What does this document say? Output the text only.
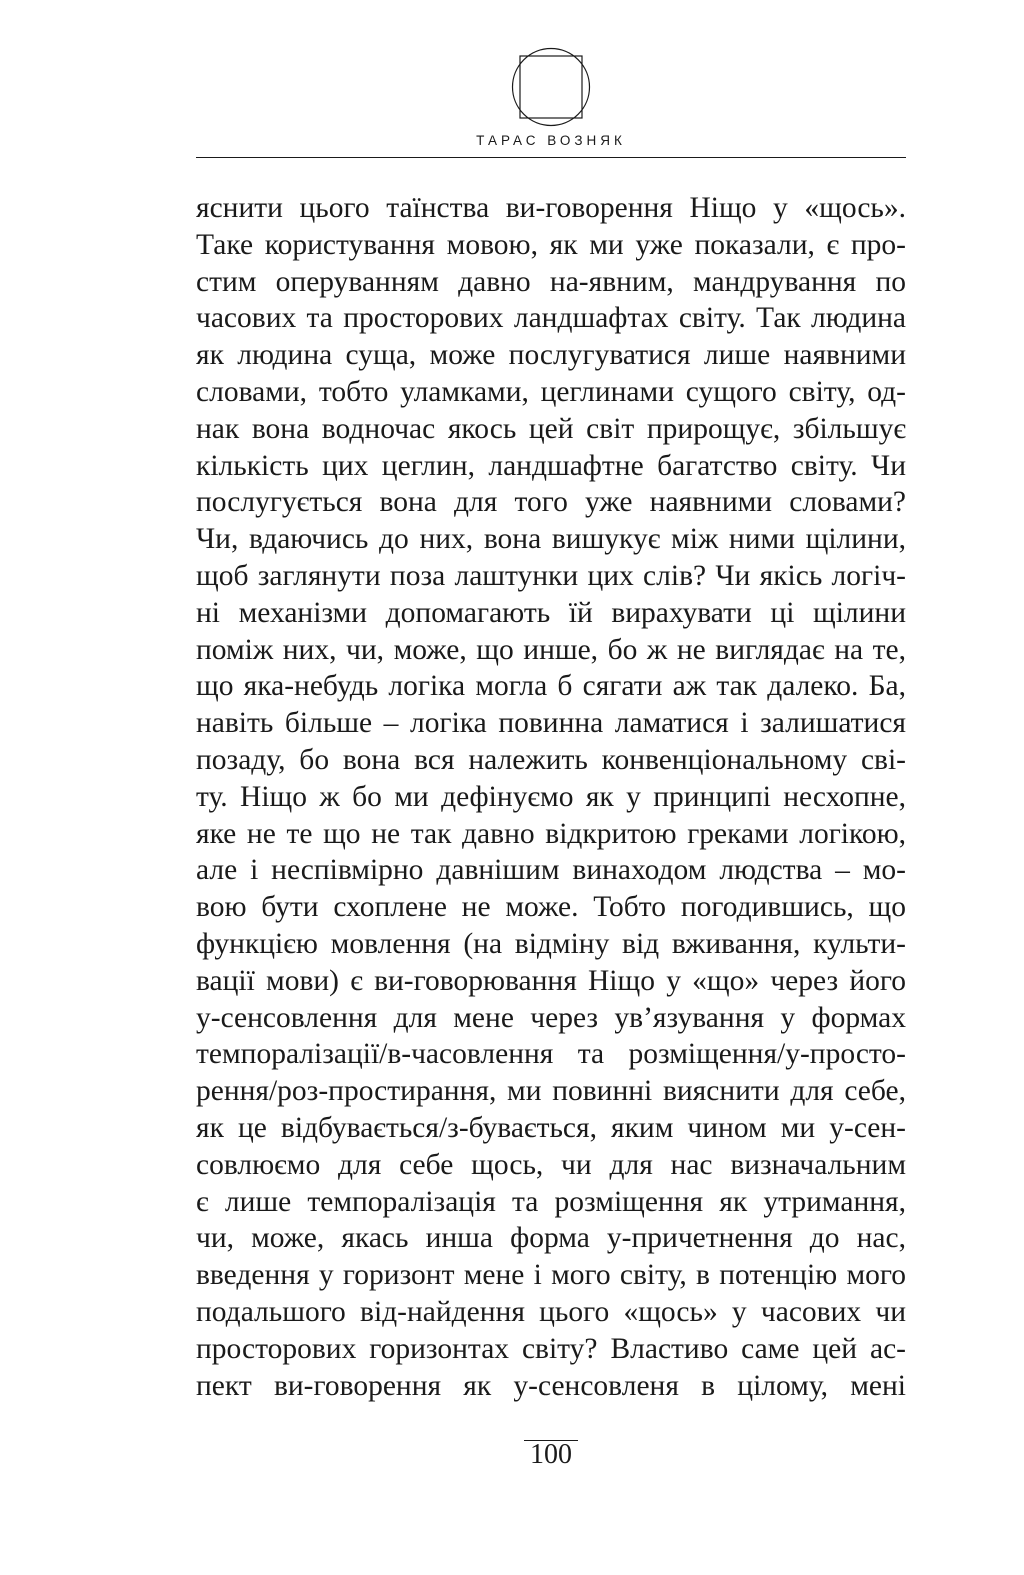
ТАРАС ВОЗНЯК
яснити цього таїнства ви-говорення Ніщо у «щось».
Таке користування мовою, як ми уже показали, є про-
стим оперуванням давно на-явним, мандрування по
часових та просторових ландшафтах світу. Так людина
як людина суща, може послугуватися лише наявними
словами, тобто уламками, цеглинами сущого світу, од-
нак вона водночас якось цей світ прирощує, збільшує
кількість цих цеглин, ландшафтне багатство світу. Чи
послугується вона для того уже наявними словами?
Чи, вдаючись до них, вона вишукує між ними щілини,
щоб заглянути поза лаштунки цих слів? Чи якісь логіч-
ні механізми допомагають їй вирахувати ці щілини
поміж них, чи, може, що инше, бо ж не виглядає на те,
що яка-небудь логіка могла б сягати аж так далеко. Ба,
навіть більше – логіка повинна ламатися і залишатися
позаду, бо вона вся належить конвенціональному сві-
ту. Ніщо ж бо ми дефінуємо як у принципі несхопне,
яке не те що не так давно відкритою греками логікою,
але і неспівмірно давнішим винаходом людства – мо-
вою бути схоплене не може. Тобто погодившись, що
функцією мовлення (на відміну від вживання, культи-
вації мови) є ви-говорювання Ніщо у «що» через його
у-сенсовлення для мене через ув’язування у формах
темпоралізації/в-часовлення та розміщення/у-просто-
рення/роз-простирання, ми повинні вияснити для себе,
як це відбувається/з-бувається, яким чином ми у-сен-
совлюємо для себе щось, чи для нас визначальним
є лише темпоралізація та розміщення як утримання,
чи, може, якась инша форма у-причетнення до нас,
введення у горизонт мене і мого світу, в потенцію мого
подальшого від-найдення цього «щось» у часових чи
просторових горизонтах світу? Властиво саме цей ас-
пект ви-говорення як у-сенсовленя в цілому, мені
100
